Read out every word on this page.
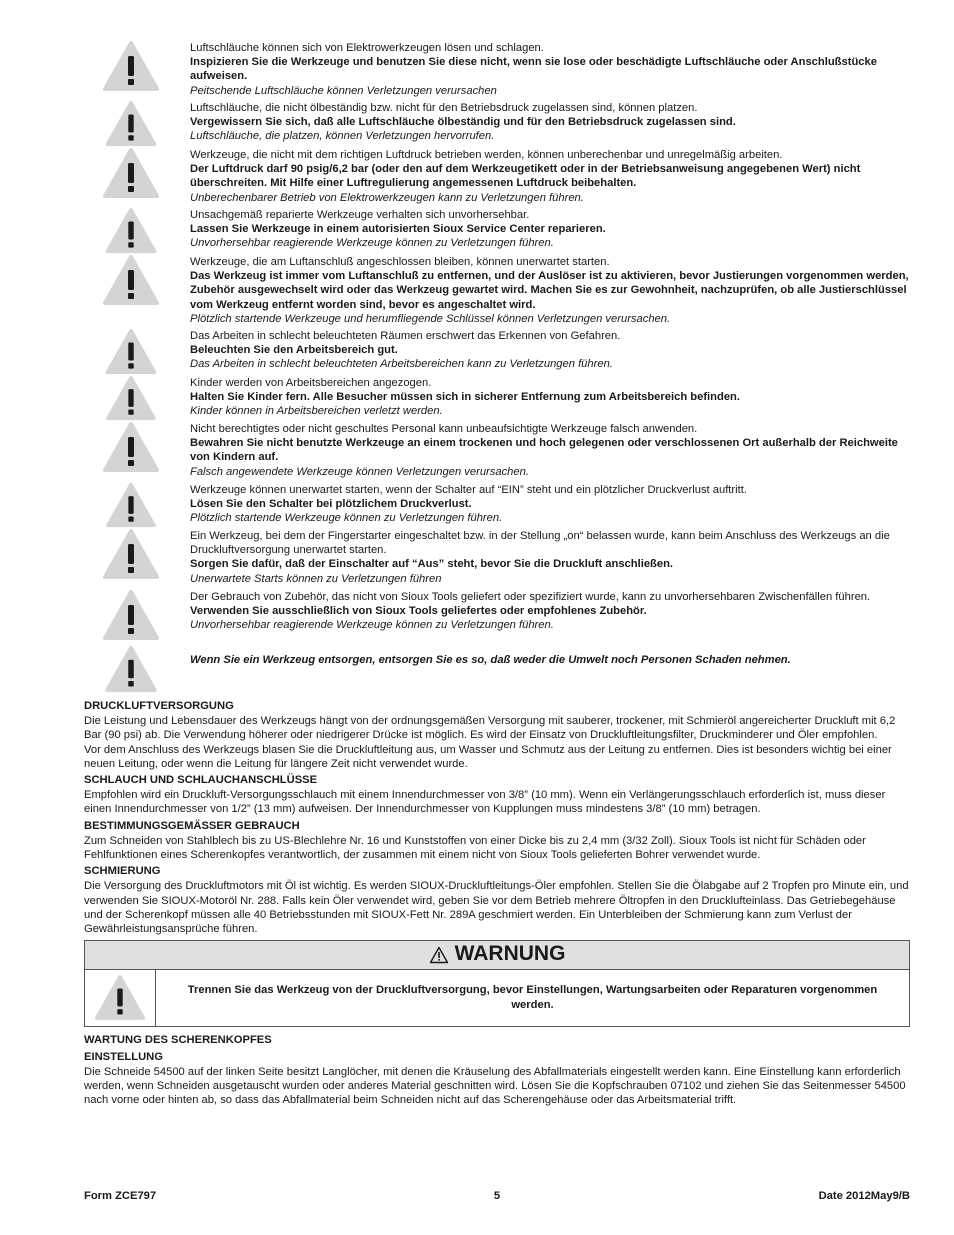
Luftschläuche können sich von Elektrowerkzeugen lösen und schlagen.
Inspizieren Sie die Werkzeuge und benutzen Sie diese nicht, wenn sie lose oder beschädigte Luftschläuche oder Anschlußstücke aufweisen.
Peitschende Luftschläuche können Verletzungen verursachen
Luftschläuche, die nicht ölbeständig bzw. nicht für den Betriebsdruck zugelassen sind, können platzen.
Vergewissern Sie sich, daß alle Luftschläuche ölbeständig und für den Betriebsdruck zugelassen sind.
Luftschläuche, die platzen, können Verletzungen hervorrufen.
Werkzeuge, die nicht mit dem richtigen Luftdruck betrieben werden, können unberechenbar und unregelmäßig arbeiten.
Der Luftdruck darf 90 psig/6,2 bar (oder den auf dem Werkzeugetikett oder in der Betriebsanweisung angegebenen Wert) nicht überschreiten. Mit Hilfe einer Luftregulierung angemessenen Luftdruck beibehalten.
Unberechenbarer Betrieb von Elektrowerkzeugen kann zu Verletzungen führen.
Unsachgemäß reparierte Werkzeuge verhalten sich unvorhersehbar.
Lassen Sie Werkzeuge in einem autorisierten Sioux Service Center reparieren.
Unvorhersehbar reagierende Werkzeuge können zu Verletzungen führen.
Werkzeuge, die am Luftanschluß angeschlossen bleiben, können unerwartet starten.
Das Werkzeug ist immer vom Luftanschluß zu entfernen, und der Auslöser ist zu aktivieren, bevor Justierungen vorgenommen werden, Zubehör ausgewechselt wird oder das Werkzeug gewartet wird. Machen Sie es zur Gewohnheit, nachzuprüfen, ob alle Justierschlüssel vom Werkzeug entfernt worden sind, bevor es angeschaltet wird.
Plötzlich startende Werkzeuge und herumfliegende Schlüssel können Verletzungen verursachen.
Das Arbeiten in schlecht beleuchteten Räumen erschwert das Erkennen von Gefahren.
Beleuchten Sie den Arbeitsbereich gut.
Das Arbeiten in schlecht beleuchteten Arbeitsbereichen kann zu Verletzungen führen.
Kinder werden von Arbeitsbereichen angezogen.
Halten Sie Kinder fern. Alle Besucher müssen sich in sicherer Entfernung zum Arbeitsbereich befinden.
Kinder können in Arbeitsbereichen verletzt werden.
Nicht berechtigtes oder nicht geschultes Personal kann unbeaufsichtigte Werkzeuge falsch anwenden.
Bewahren Sie nicht benutzte Werkzeuge an einem trockenen und hoch gelegenen oder verschlossenen Ort außerhalb der Reichweite von Kindern auf.
Falsch angewendete Werkzeuge können Verletzungen verursachen.
Werkzeuge können unerwartet starten, wenn der Schalter auf “EIN” steht und ein plötzlicher Druckverlust auftritt.
Lösen Sie den Schalter bei plötzlichem Druckverlust.
Plötzlich startende Werkzeuge können zu Verletzungen führen.
Ein Werkzeug, bei dem der Fingerstarter eingeschaltet bzw. in der Stellung „on“ belassen wurde, kann beim Anschluss des Werkzeugs an die Druckluftversorgung unerwartet starten.
Sorgen Sie dafür, daß der Einschalter auf “Aus” steht, bevor Sie die Druckluft anschließen.
Unerwartete Starts können zu Verletzungen führen
Der Gebrauch von Zubehör, das nicht von Sioux Tools geliefert oder spezifiziert wurde, kann zu unvorhersehbaren Zwischenfällen führen.
Verwenden Sie ausschließlich von Sioux Tools geliefertes oder empfohlenes Zubehör.
Unvorhersehbar reagierende Werkzeuge können zu Verletzungen führen.
Wenn Sie ein Werkzeug entsorgen, entsorgen Sie es so, daß weder die Umwelt noch Personen Schaden nehmen.
DRUCKLUFTVERSORGUNG

Die Leistung und Lebensdauer des Werkzeugs hängt von der ordnungsgemäßen Versorgung mit sauberer, trockener, mit Schmieröl angereicherter Druckluft mit 6,2 Bar (90 psi) ab. Die Verwendung höherer oder niedrigerer Drücke ist möglich. Es wird der Einsatz von Druckluftleitungsfilter, Druckminderer und Öler empfohlen.

Vor dem Anschluss des Werkzeugs blasen Sie die Druckluftleitung aus, um Wasser und Schmutz aus der Leitung zu entfernen. Dies ist besonders wichtig bei einer neuen Leitung, oder wenn die Leitung für längere Zeit nicht verwendet wurde.

SCHLAUCH UND SCHLAUCHANSCHLÜSSE

Empfohlen wird ein Druckluft-Versorgungsschlauch mit einem Innendurchmesser von 3/8” (10 mm). Wenn ein Verlängerungsschlauch erforderlich ist, muss dieser einen Innendurchmesser von 1/2” (13 mm) aufweisen. Der Innendurchmesser von Kupplungen muss mindestens 3/8” (10 mm) betragen.

BESTIMMUNGSGEMÄSSER GEBRAUCH

Zum Schneiden von Stahlblech bis zu US-Blechlehre Nr. 16 und Kunststoffen von einer Dicke bis zu 2,4 mm (3/32 Zoll). Sioux Tools ist nicht für Schäden oder Fehlfunktionen eines Scherenkopfes verantwortlich, der zusammen mit einem nicht von Sioux Tools gelieferten Bohrer verwendet wurde.

SCHMIERUNG

Die Versorgung des Druckluftmotors mit Öl ist wichtig. Es werden SIOUX-Druckluftleitungs-Öler empfohlen. Stellen Sie die Ölabgabe auf 2 Tropfen pro Minute ein, und verwenden Sie SIOUX-Motoröl Nr. 288. Falls kein Öler verwendet wird, geben Sie vor dem Betrieb mehrere Öltropfen in den Drucklufteinlass. Das Getriebegehäuse und der Scherenkopf müssen alle 40 Betriebsstunden mit SIOUX-Fett Nr. 289A geschmiert werden. Ein Unterbleiben der Schmierung kann zum Verlust der Gewährleistungsansprüche führen.

WARNUNG
Trennen Sie das Werkzeug von der Druckluftversorgung, bevor Einstellungen, Wartungsarbeiten oder Reparaturen vorgenommen werden.
WARTUNG DES SCHERENKOPFES
EINSTELLUNG

Die Schneide 54500 auf der linken Seite besitzt Langlöcher, mit denen die Kräuselung des Abfallmaterials eingestellt werden kann. Eine Einstellung kann erforderlich werden, wenn Schneiden ausgetauscht wurden oder anderes Material geschnitten wird. Lösen Sie die Kopfschrauben 07102 und ziehen Sie das Seitenmesser 54500 nach vorne oder hinten ab, so dass das Abfallmaterial beim Schneiden nicht auf das Scherengehäuse oder das Arbeitsmaterial trifft.

Form ZCE797	5	Date 2012May9/B
